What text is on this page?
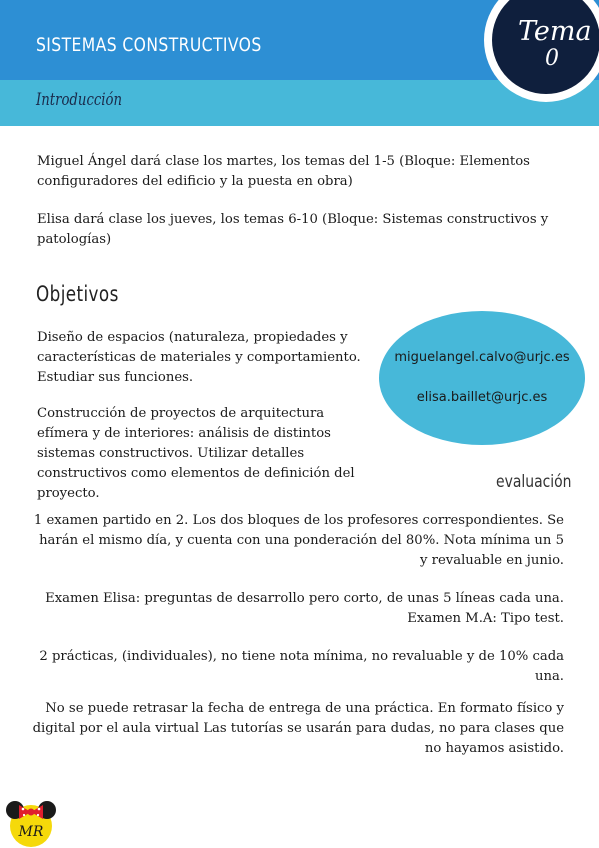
SISTEMAS CONSTRUCTIVOS
Introducción
Tema
0
Miguel Ángel dará clase los martes, los temas del 1-5 (Bloque: Elementos configuradores del edificio y la puesta en obra)
Elisa dará clase los jueves, los temas 6-10 (Bloque: Sistemas constructivos y patologías)
Objetivos
Diseño de espacios (naturaleza, propiedades y características de materiales y comportamiento. Estudiar sus funciones.
Construcción de proyectos de arquitectura efímera y de interiores: análisis de distintos sistemas constructivos. Utilizar detalles constructivos como elementos de definición del proyecto.
miguelangel.calvo@urjc.es
elisa.baillet@urjc.es
evaluación
1 examen partido en 2. Los dos bloques de los profesores correspondientes. Se harán el mismo día, y cuenta con una ponderación del 80%. Nota mínima un 5 y revaluable en junio.
Examen Elisa: preguntas de desarrollo pero corto, de unas 5 líneas cada una. Examen M.A: Tipo test.
2 prácticas, (individuales), no tiene nota mínima, no revaluable y de 10% cada una.
No se puede retrasar la fecha de entrega de una práctica. En formato físico y digital por el aula virtual Las tutorías se usarán para dudas, no para clases que no hayamos asistido.
MR
